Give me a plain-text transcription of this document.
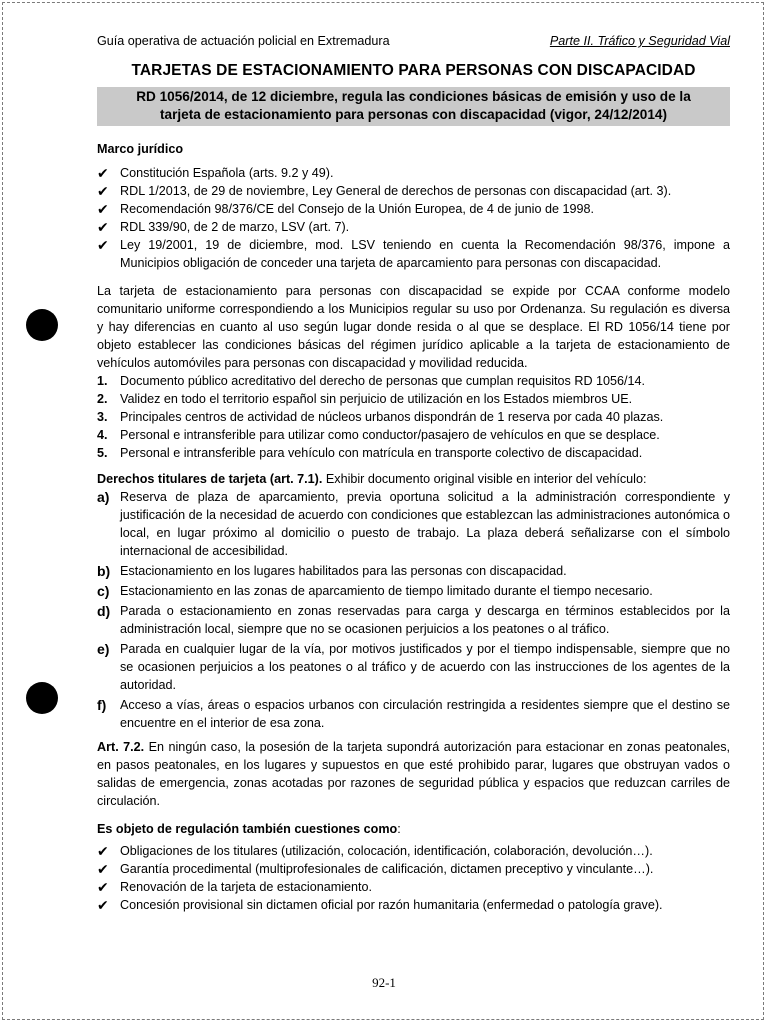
Guía operativa de actuación policial en Extremadura	Parte II. Tráfico y Seguridad Vial
TARJETAS DE ESTACIONAMIENTO PARA PERSONAS CON DISCAPACIDAD
RD 1056/2014, de 12 diciembre, regula las condiciones básicas de emisión y uso de la
tarjeta de estacionamiento para personas con discapacidad (vigor, 24/12/2014)
Marco jurídico
✔ Constitución Española (arts. 9.2 y 49).
✔ RDL 1/2013, de 29 de noviembre, Ley General de derechos de personas con discapacidad (art. 3).
✔ Recomendación 98/376/CE del Consejo de la Unión Europea, de 4 de junio de 1998.
✔ RDL 339/90, de 2 de marzo, LSV (art. 7).
✔ Ley 19/2001, 19 de diciembre, mod. LSV teniendo en cuenta la Recomendación 98/376, impone a Municipios obligación de conceder una tarjeta de aparcamiento para personas con discapacidad.

La tarjeta de estacionamiento para personas con discapacidad se expide por CCAA conforme modelo comunitario uniforme correspondiendo a los Municipios regular su uso por Ordenanza. Su regulación es diversa y hay diferencias en cuanto al uso según lugar donde resida o al que se desplace. El RD 1056/14 tiene por objeto establecer las condiciones básicas del régimen jurídico aplicable a la tarjeta de estacionamiento de vehículos automóviles para personas con discapacidad y movilidad reducida.

1. Documento público acreditativo del derecho de personas que cumplan requisitos RD 1056/14.
2. Validez en todo el territorio español sin perjuicio de utilización en los Estados miembros UE.
3. Principales centros de actividad de núcleos urbanos dispondrán de 1 reserva por cada 40 plazas.
4. Personal e intransferible para utilizar como conductor/pasajero de vehículos en que se desplace.
5. Personal e intransferible para vehículo con matrícula en transporte colectivo de discapacidad.
Derechos titulares de tarjeta (art. 7.1). Exhibir documento original visible en interior del vehículo:
a) Reserva de plaza de aparcamiento, previa oportuna solicitud a la administración correspondiente y justificación de la necesidad de acuerdo con condiciones que establezcan las administraciones autonómica o local, en lugar próximo al domicilio o puesto de trabajo. La plaza deberá señalizarse con el símbolo internacional de accesibilidad.
b) Estacionamiento en los lugares habilitados para las personas con discapacidad.
c) Estacionamiento en las zonas de aparcamiento de tiempo limitado durante el tiempo necesario.
d) Parada o estacionamiento en zonas reservadas para carga y descarga en términos establecidos por la administración local, siempre que no se ocasionen perjuicios a los peatones o al tráfico.
e) Parada en cualquier lugar de la vía, por motivos justificados y por el tiempo indispensable, siempre que no se ocasionen perjuicios a los peatones o al tráfico y de acuerdo con las instrucciones de los agentes de la autoridad.
f) Acceso a vías, áreas o espacios urbanos con circulación restringida a residentes siempre que el destino se encuentre en el interior de esa zona.

Art. 7.2. En ningún caso, la posesión de la tarjeta supondrá autorización para estacionar en zonas peatonales, en pasos peatonales, en los lugares y supuestos en que esté prohibido parar, lugares que obstruyan vados o salidas de emergencia, zonas acotadas por razones de seguridad pública y espacios que reduzcan carriles de circulación.

Es objeto de regulación también cuestiones como:
✔ Obligaciones de los titulares (utilización, colocación, identificación, colaboración, devolución…).
✔ Garantía procedimental (multiprofesionales de calificación, dictamen preceptivo y vinculante…).
✔ Renovación de la tarjeta de estacionamiento.
✔ Concesión provisional sin dictamen oficial por razón humanitaria (enfermedad o patología grave).
92-1
